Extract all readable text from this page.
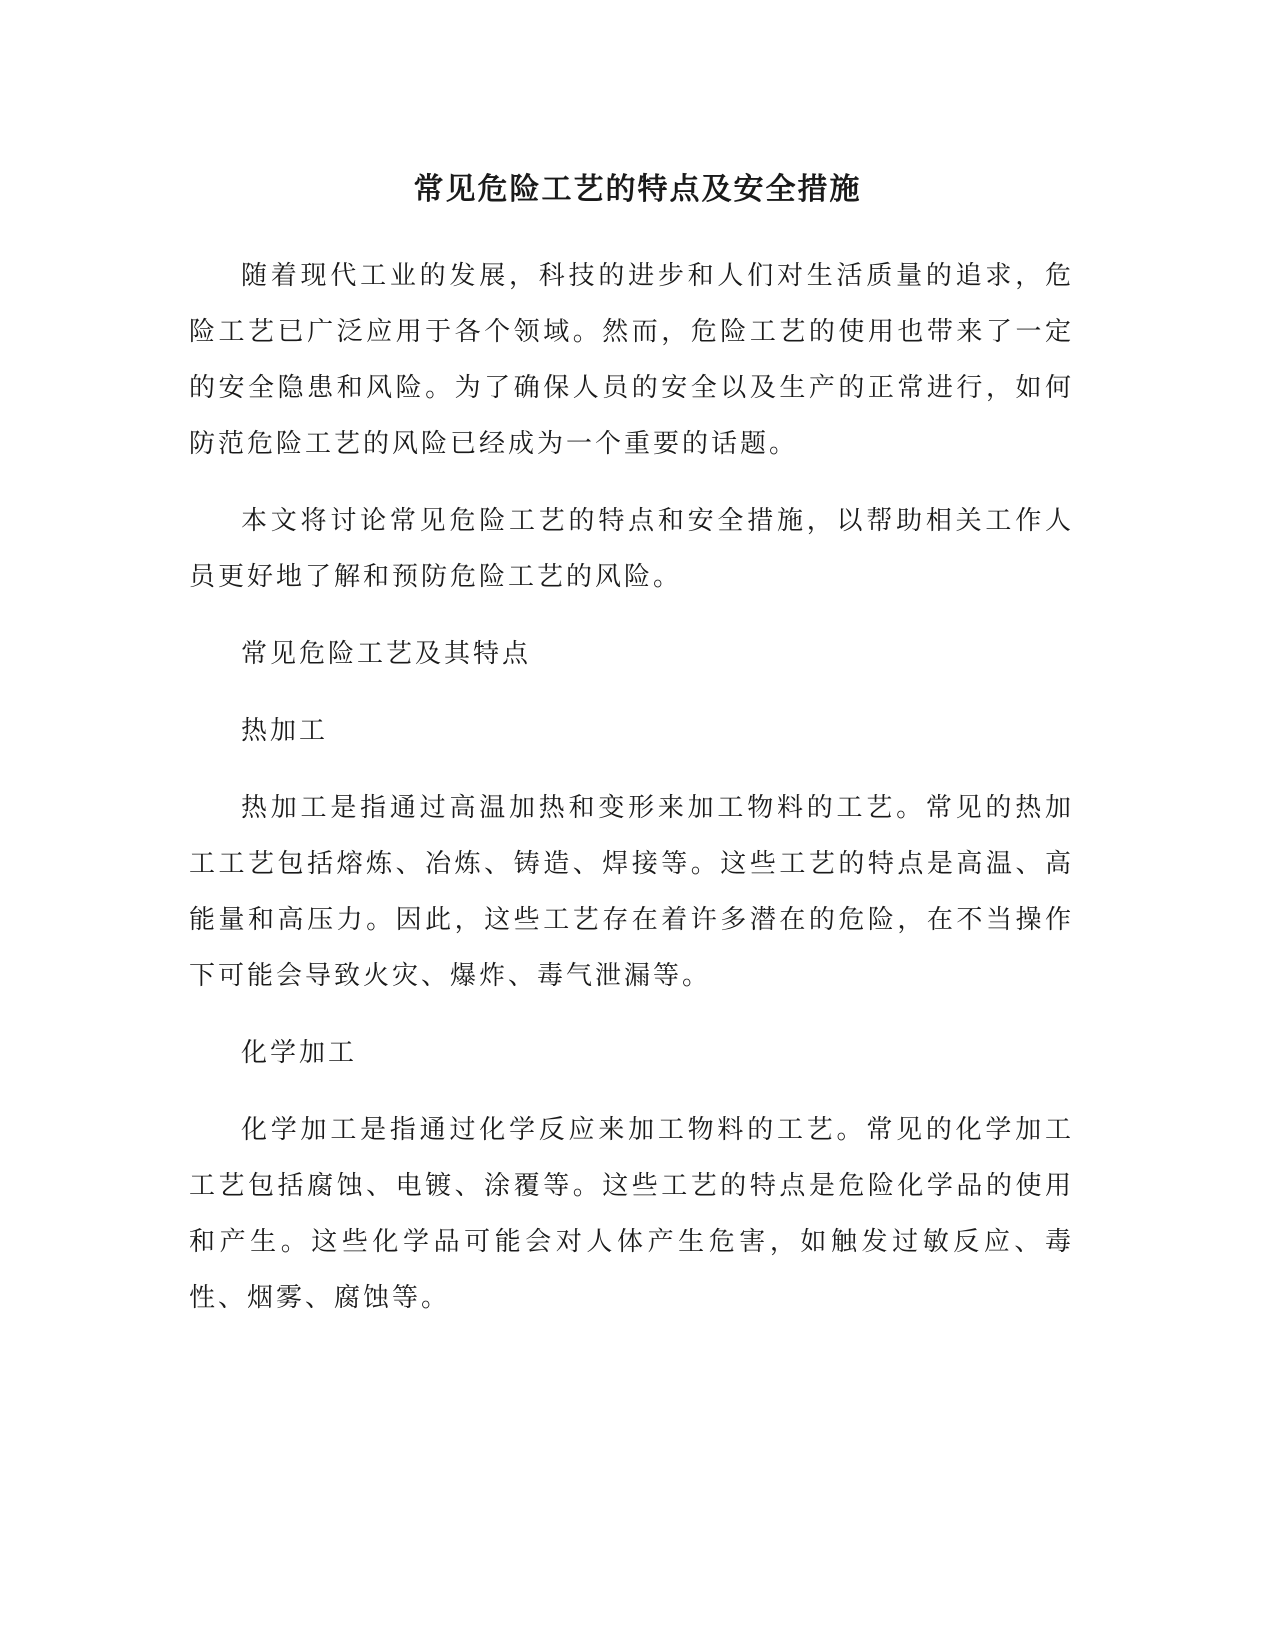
常见危险工艺的特点及安全措施

随着现代工业的发展，科技的进步和人们对生活质量的追求，危险工艺已广泛应用于各个领域。然而，危险工艺的使用也带来了一定的安全隐患和风险。为了确保人员的安全以及生产的正常进行，如何防范危险工艺的风险已经成为一个重要的话题。

本文将讨论常见危险工艺的特点和安全措施，以帮助相关工作人员更好地了解和预防危险工艺的风险。

常见危险工艺及其特点

热加工

热加工是指通过高温加热和变形来加工物料的工艺。常见的热加工工艺包括熔炼、冶炼、铸造、焊接等。这些工艺的特点是高温、高能量和高压力。因此，这些工艺存在着许多潜在的危险，在不当操作下可能会导致火灾、爆炸、毒气泄漏等。

化学加工

化学加工是指通过化学反应来加工物料的工艺。常见的化学加工工艺包括腐蚀、电镀、涂覆等。这些工艺的特点是危险化学品的使用和产生。这些化学品可能会对人体产生危害，如触发过敏反应、毒性、烟雾、腐蚀等。
